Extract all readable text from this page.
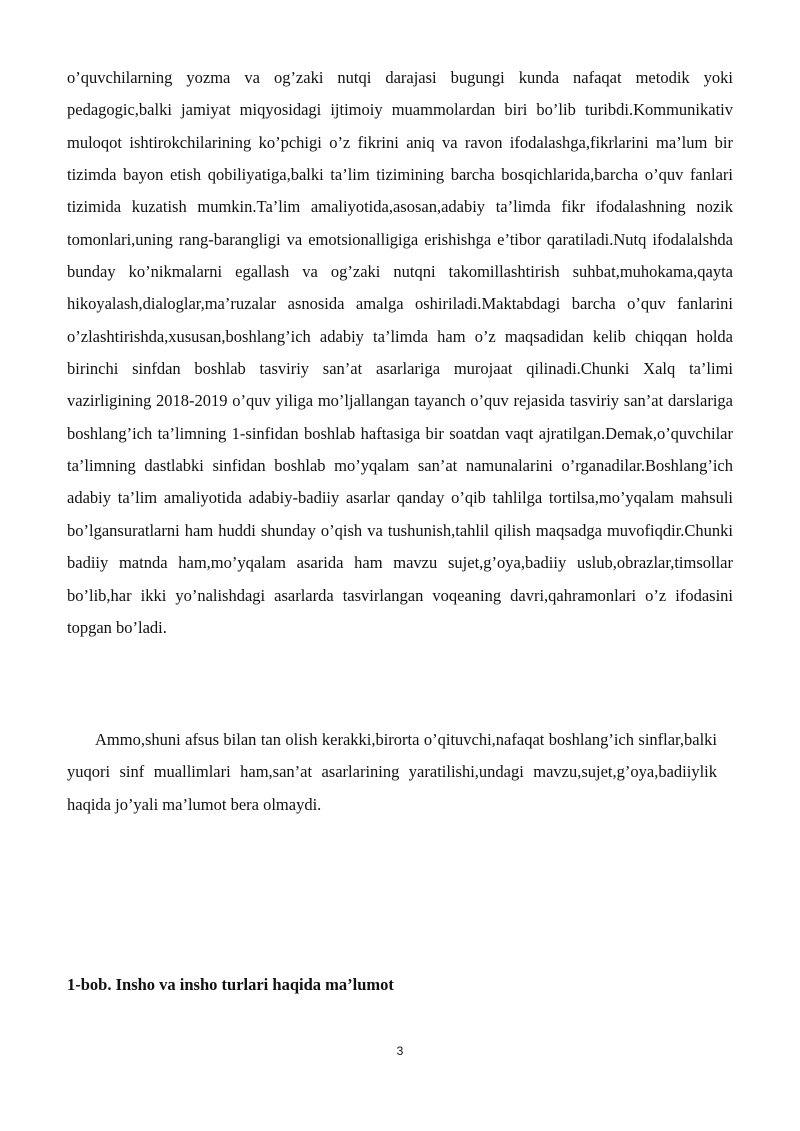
o’quvchilarning yozma va og’zaki nutqi darajasi bugungi kunda nafaqat metodik yoki pedagogic,balki jamiyat miqyosidagi ijtimoiy muammolardan biri bo’lib turibdi.Kommunikativ muloqot ishtirokchilarining ko’pchigi o’z fikrini aniq va ravon ifodalashga,fikrlarini ma’lum bir tizimda bayon etish qobiliyatiga,balki ta’lim tizimining barcha bosqichlarida,barcha o’quv fanlari tizimida kuzatish mumkin.Ta’lim amaliyotida,asosan,adabiy ta’limda fikr ifodalashning nozik tomonlari,uning rang-barangligi va emotsionalligiga erishishga e’tibor qaratiladi.Nutq ifodalalshda bunday ko’nikmalarni egallash va og’zaki nutqni takomillashtirish suhbat,muhokama,qayta hikoyalash,dialoglar,ma’ruzalar asnosida amalga oshiriladi.Maktabdagi barcha o’quv fanlarini o’zlashtirishda,xususan,boshlang’ich adabiy ta’limda ham o’z maqsadidan kelib chiqqan holda birinchi sinfdan boshlab tasviriy san’at asarlariga murojaat qilinadi.Chunki Xalq ta’limi vazirligining 2018-2019 o’quv yiliga mo’ljallangan tayanch o’quv rejasida tasviriy san’at darslariga boshlang’ich ta’limning 1-sinfidan boshlab haftasiga bir soatdan vaqt ajratilgan.Demak,o’quvchilar ta’limning dastlabki sinfidan boshlab mo’yqalam san’at namunalarini o’rganadilar.Boshlang’ich adabiy ta’lim amaliyotida adabiy-badiiy asarlar qanday o’qib tahlilga tortilsa,mo’yqalam mahsuli bo’lgansuratlarni ham huddi shunday o’qish va tushunish,tahlil qilish maqsadga muvofiqdir.Chunki badiiy matnda ham,mo’yqalam asarida ham mavzu sujet,g’oya,badiiy uslub,obrazlar,timsollar bo’lib,har ikki yo’nalishdagi asarlarda tasvirlangan voqeaning davri,qahramonlari o’z ifodasini topgan bo’ladi.

Ammo,shuni afsus bilan tan olish kerakki,birorta o’qituvchi,nafaqat boshlang’ich sinflar,balki yuqori sinf muallimlari ham,san’at asarlarining yaratilishi,undagi mavzu,sujet,g’oya,badiiylik haqida jo’yali ma’lumot bera olmaydi.

1-bob. Insho va insho turlari haqida ma’lumot
3
